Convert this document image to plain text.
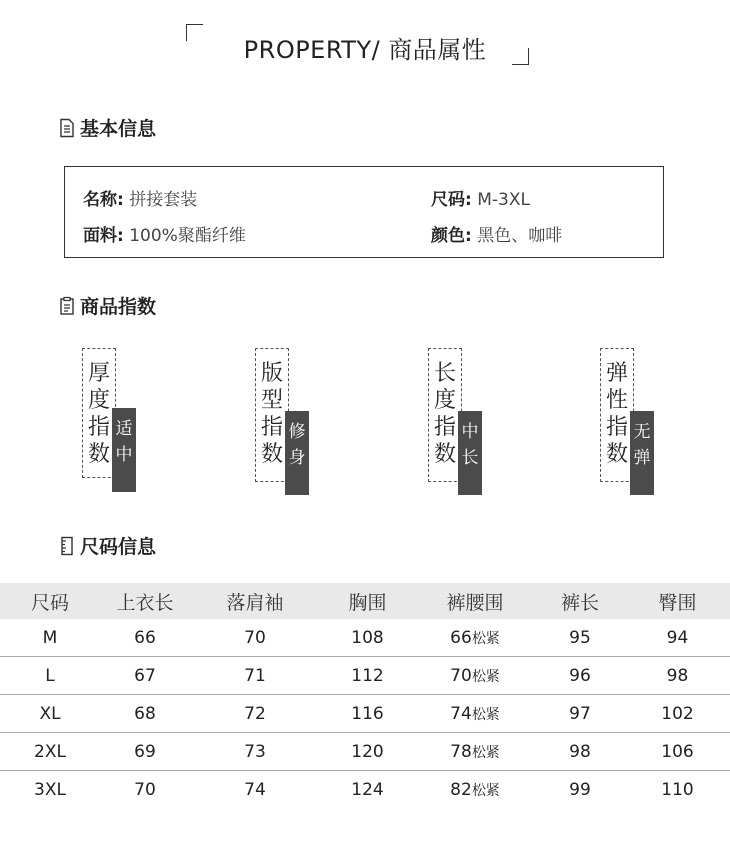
PROPERTY/ 商品属性
基本信息
名称: 拼接套装
面料: 100%聚酯纤维
尺码: M-3XL
颜色: 黑色、咖啡
商品指数
厚
度
指
数
适
中
版
型
指
数
修
身
长
度
指
数
中
长
弹
性
指
数
无
弹
尺码信息
尺码	上衣长	落肩袖	胸围	裤腰围	裤长	臀围
M	66	70	108	66松紧	95	94
L	67	71	112	70松紧	96	98
XL	68	72	116	74松紧	97	102
2XL	69	73	120	78松紧	98	106
3XL	70	74	124	82松紧	99	110
